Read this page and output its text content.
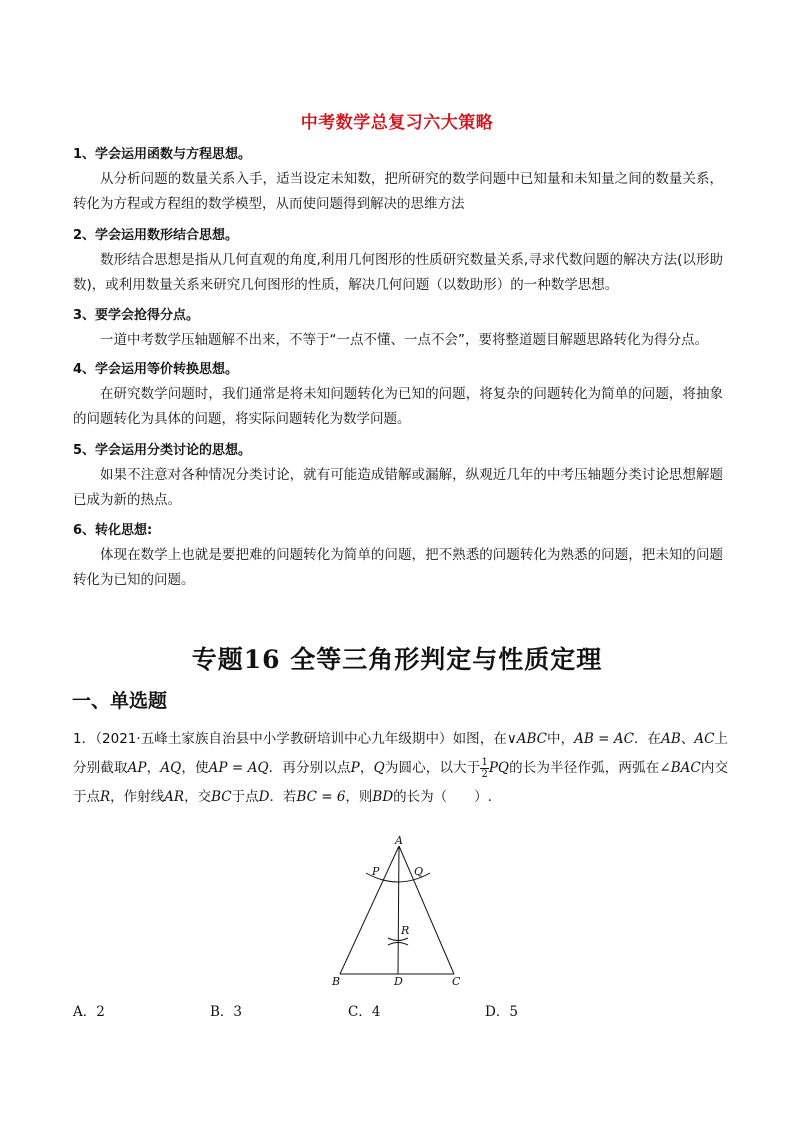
中考数学总复习六大策略
1、学会运用函数与方程思想。
从分析问题的数量关系入手，适当设定未知数，把所研究的数学问题中已知量和未知量之间的数量关系，转化为方程或方程组的数学模型，从而使问题得到解决的思维方法
2、学会运用数形结合思想。
数形结合思想是指从几何直观的角度,利用几何图形的性质研究数量关系,寻求代数问题的解决方法(以形助数)，或利用数量关系来研究几何图形的性质，解决几何问题（以数助形）的一种数学思想。
3、要学会抢得分点。
一道中考数学压轴题解不出来，不等于“一点不懂、一点不会”，要将整道题目解题思路转化为得分点。
4、学会运用等价转换思想。
在研究数学问题时，我们通常是将未知问题转化为已知的问题，将复杂的问题转化为简单的问题，将抽象的问题转化为具体的问题，将实际问题转化为数学问题。
5、学会运用分类讨论的思想。
如果不注意对各种情况分类讨论，就有可能造成错解或漏解，纵观近几年的中考压轴题分类讨论思想解题已成为新的热点。
6、转化思想:
体现在数学上也就是要把难的问题转化为简单的问题，把不熟悉的问题转化为熟悉的问题，把未知的问题转化为已知的问题。
专题16 全等三角形判定与性质定理
一、单选题
1．（2021·五峰土家族自治县中小学教研培训中心九年级期中）如图，在∨ABC中，AB = AC．在AB、AC上分别截取AP，AQ，使AP = AQ．再分别以点P，Q为圆心，以大于 $\frac{1}{2}$ PQ的长为半径作弧，两弧在∠BAC内交于点R，作射线AR，交BC于点D．若BC = 6，则BD的长为（　　）.
A
P	Q
R
B	D	C
A．2	B．3	C．4	D．5
